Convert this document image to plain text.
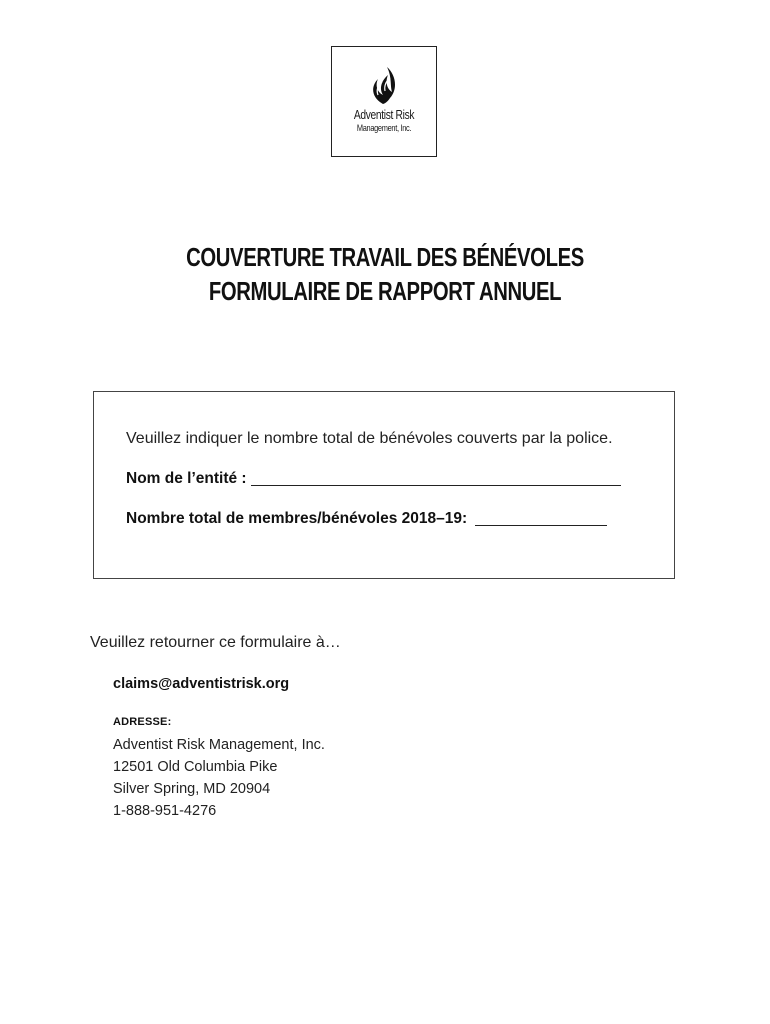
Adventist Risk
Management, Inc.
COUVERTURE TRAVAIL DES BÉNÉVOLES
FORMULAIRE DE RAPPORT ANNUEL
Veuillez indiquer le nombre total de bénévoles couverts par la police.
Nom de l’entité :
Nombre total de membres/bénévoles 2018–19:
Veuillez retourner ce formulaire à…
claims@adventistrisk.org
ADRESSE:
Adventist Risk Management, Inc.
12501 Old Columbia Pike
Silver Spring, MD 20904
1-888-951-4276
